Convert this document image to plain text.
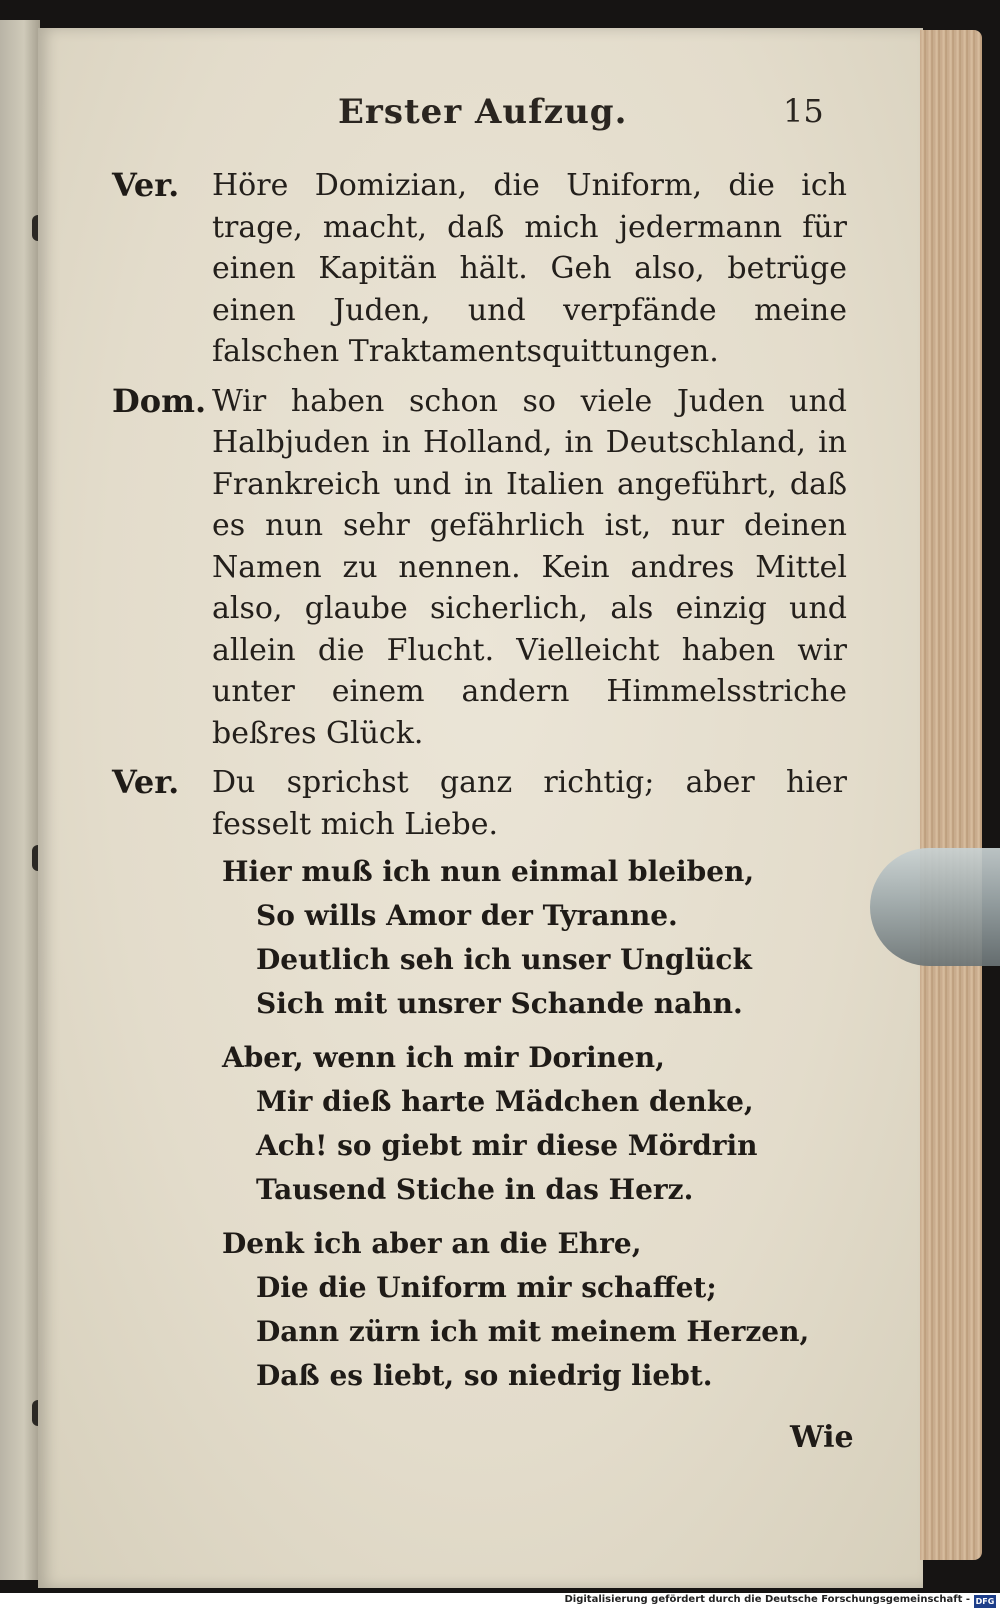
Erster Aufzug.	15
Ver. Höre Domizian, die Uniform, die ich trage, macht, daß mich jedermann für einen Kapitän hält. Geh also, betrüge einen Juden, und verpfände meine falschen Traktamentsquittungen.
Dom. Wir haben schon so viele Juden und Halbjuden in Holland, in Deutschland, in Frankreich und in Italien angeführt, daß es nun sehr gefährlich ist, nur deinen Namen zu nennen. Kein andres Mittel also, glaube sicherlich, als einzig und allein die Flucht. Vielleicht haben wir unter einem andern Himmelsstriche beßres Glück.
Ver. Du sprichst ganz richtig; aber hier fesselt mich Liebe.
Hier muß ich nun einmal bleiben,
So wills Amor der Tyranne.
Deutlich seh ich unser Unglück
Sich mit unsrer Schande nahn.
Aber, wenn ich mir Dorinen,
Mir dieß harte Mädchen denke,
Ach! so giebt mir diese Mördrin
Tausend Stiche in das Herz.
Denk ich aber an die Ehre,
Die die Uniform mir schaffet;
Dann zürn ich mit meinem Herzen,
Daß es liebt, so niedrig liebt.
Wie
Digitalisierung gefördert durch die Deutsche Forschungsgemeinschaft - DFG
